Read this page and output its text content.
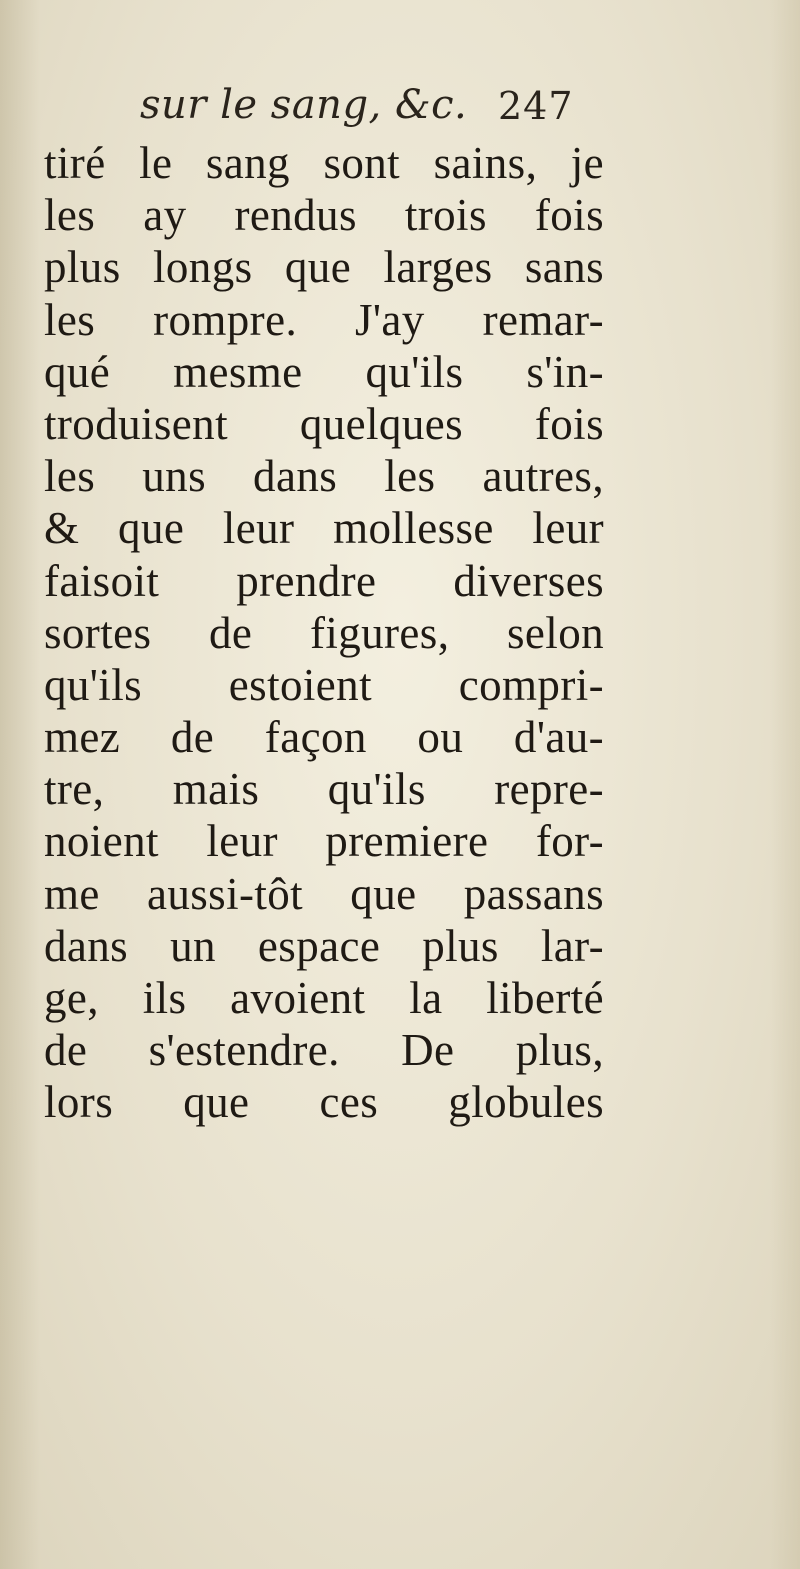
sur le sang, &c. 247
tiré le sang sont sains, je
les ay rendus trois fois
plus longs que larges sans
les rompre. J'ay remar-
qué mesme qu'ils s'in-
troduisent quelques fois
les uns dans les autres,
& que leur mollesse leur
faisoit prendre diverses
sortes de figures, selon
qu'ils estoient compri-
mez de façon ou d'au-
tre, mais qu'ils repre-
noient leur premiere for-
me aussi-tôt que passans
dans un espace plus lar-
ge, ils avoient la liberté
de s'estendre. De plus,
lors que ces globules
